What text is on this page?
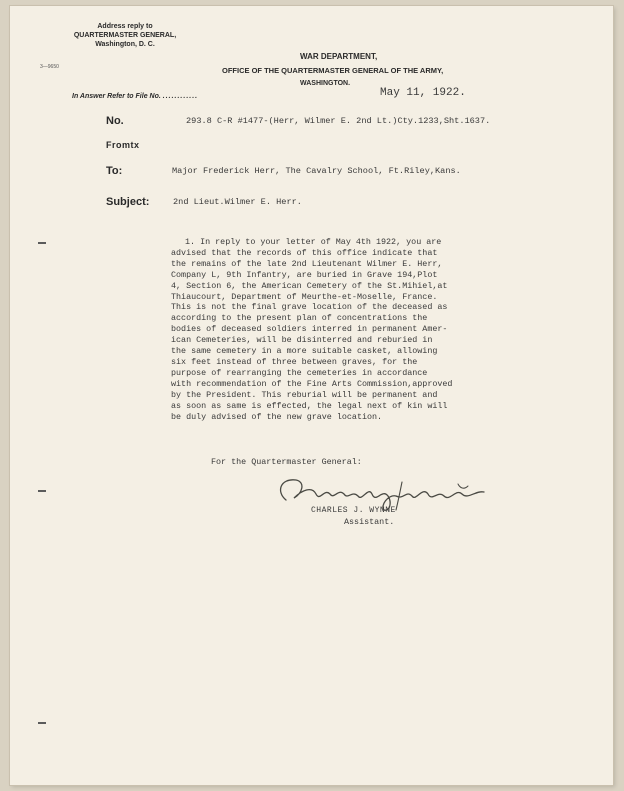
Address reply to
QUARTERMASTER GENERAL,
Washington, D. C.
3—9650
In Answer Refer to File No. ............
WAR DEPARTMENT,
OFFICE OF THE QUARTERMASTER GENERAL OF THE ARMY,
WASHINGTON.
May 11, 1922.
No.	293.8 C-R #1477-(Herr, Wilmer E. 2nd Lt.)Cty.1233,Sht.1637.
Fromtx
To:	Major Frederick Herr, The Cavalry School, Ft.Riley,Kans.
Subject:	2nd Lieut.Wilmer E. Herr.
1. In reply to your letter of May 4th 1922, you are
advised that the records of this office indicate that
the remains of the late 2nd Lieutenant Wilmer E. Herr,
Company L, 9th Infantry, are buried in Grave 194,Plot
4, Section 6, the American Cemetery of the St.Mihiel,at
Thiaucourt, Department of Meurthe-et-Moselle, France.
This is not the final grave location of the deceased as
according to the present plan of concentrations the
bodies of deceased soldiers interred in permanent Amer-
ican Cemeteries, will be disinterred and reburied in
the same cemetery in a more suitable casket, allowing
six feet instead of three between graves, for the
purpose of rearranging the cemeteries in accordance
with recommendation of the Fine Arts Commission,approved
by the President. This reburial will be permanent and
as soon as same is effected, the legal next of kin will
be duly advised of the new grave location.
For the Quartermaster General:
CHARLES J. WYNNE
Assistant.
